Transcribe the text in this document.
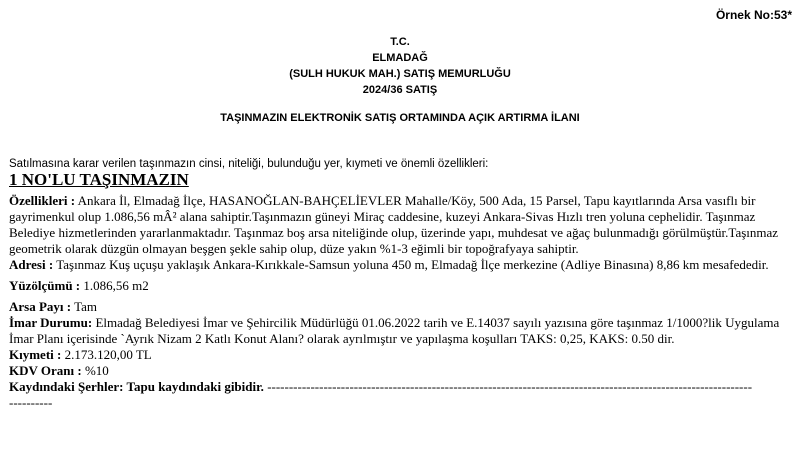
Örnek No:53*
T.C.
ELMADAĞ
(SULH HUKUK MAH.) SATIŞ MEMURLUĞU
2024/36 SATIŞ
TAŞINMAZIN ELEKTRONİK SATIŞ ORTAMINDA AÇIK ARTIRMA İLANI
Satılmasına karar verilen taşınmazın cinsi, niteliği, bulunduğu yer, kıymeti ve önemli özellikleri:
1 NO'LU TAŞINMAZIN

Özellikleri : Ankara İl, Elmadağ İlçe, HASANOĞLAN-BAHÇELİEVLER Mahalle/Köy, 500 Ada, 15 Parsel, Tapu kayıtlarında Arsa vasıflı bir gayrimenkul olup 1.086,56 mÂ² alana sahiptir.Taşınmazın güneyi Miraç caddesine, kuzeyi Ankara-Sivas Hızlı tren yoluna cephelidir. Taşınmaz Belediye hizmetlerinden yararlanmaktadır. Taşınmaz boş arsa niteliğinde olup, üzerinde yapı, muhdesat ve ağaç bulunmadığı görülmüştür.Taşınmaz geometrik olarak düzgün olmayan beşgen şekle sahip olup, düze yakın %1-3 eğimli bir topoğrafyaya sahiptir.

Adresi : Taşınmaz Kuş uçuşu yaklaşık Ankara-Kırıkkale-Samsun yoluna 450 m, Elmadağ İlçe merkezine (Adliye Binasına) 8,86 km mesafededir.

Yüzölçümü : 1.086,56 m2

Arsa Payı : Tam

İmar Durumu: Elmadağ Belediyesi İmar ve Şehircilik Müdürlüğü 01.06.2022 tarih ve E.14037 sayılı yazısına göre taşınmaz 1/1000?lik Uygulama İmar Planı içerisinde `Ayrık Nizam 2 Katlı Konut Alanı? olarak ayrılmıştır ve yapılaşma koşulları TAKS: 0,25, KAKS: 0.50 dir.

Kıymeti : 2.173.120,00 TL

KDV Oranı : %10

Kaydındaki Şerhler: Tapu kaydındaki gibidir. ----------------------------------------------------------------------------------------------------------------

----------
